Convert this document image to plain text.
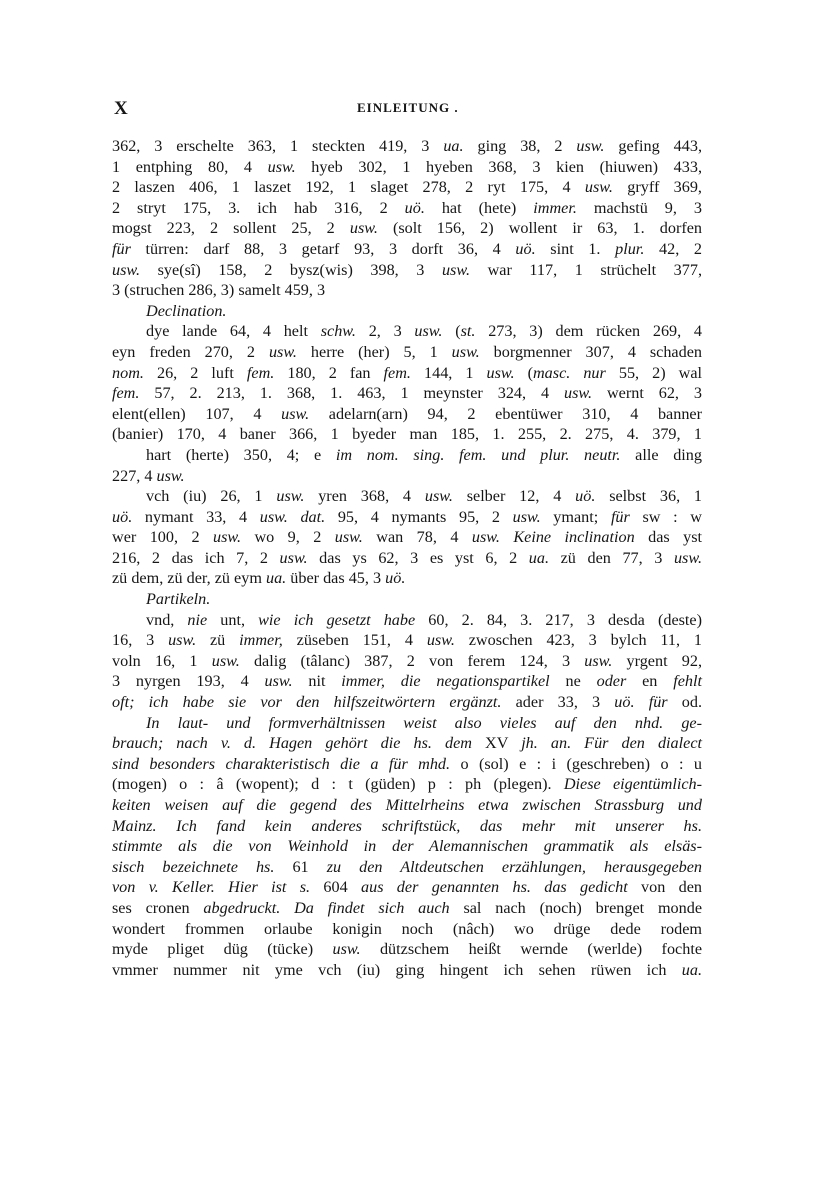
X	EINLEITUNG .
362, 3 erschelte 363, 1 steckten 419, 3 ua. ging 38, 2 usw. gefing 443,
1 entphing 80, 4 usw. hyeb 302, 1 hyeben 368, 3 kien (hiuwen) 433,
2 laszen 406, 1 laszet 192, 1 slaget 278, 2 ryt 175, 4 usw. gryff 369,
2 stryt 175, 3. ich hab 316, 2 uö. hat (hete) immer. machstü 9, 3
mogst 223, 2 sollent 25, 2 usw. (solt 156, 2) wollent ir 63, 1. dorfen
für türren: darf 88, 3 getarf 93, 3 dorft 36, 4 uö. sint 1. plur. 42, 2
usw. sye(sî) 158, 2 bysz(wis) 398, 3 usw. war 117, 1 strüchelt 377,
3 (struchen 286, 3) samelt 459, 3
Declination.
dye lande 64, 4 helt schw. 2, 3 usw. (st. 273, 3) dem rücken 269, 4
eyn freden 270, 2 usw. herre (her) 5, 1 usw. borgmenner 307, 4 schaden
nom. 26, 2 luft fem. 180, 2 fan fem. 144, 1 usw. (masc. nur 55, 2) wal
fem. 57, 2. 213, 1. 368, 1. 463, 1 meynster 324, 4 usw. wernt 62, 3
elent(ellen) 107, 4 usw. adelarn(arn) 94, 2 ebentüwer 310, 4 banner
(banier) 170, 4 baner 366, 1 byeder man 185, 1. 255, 2. 275, 4. 379, 1
hart (herte) 350, 4; e im nom. sing. fem. und plur. neutr. alle ding
227, 4 usw.
vch (iu) 26, 1 usw. yren 368, 4 usw. selber 12, 4 uö. selbst 36, 1
uö. nymant 33, 4 usw. dat. 95, 4 nymants 95, 2 usw. ymant; für sw : w
wer 100, 2 usw. wo 9, 2 usw. wan 78, 4 usw. Keine inclination das yst
216, 2 das ich 7, 2 usw. das ys 62, 3 es yst 6, 2 ua. zü den 77, 3 usw.
zü dem, zü der, zü eym ua. über das 45, 3 uö.
Partikeln.
vnd, nie unt, wie ich gesetzt habe 60, 2. 84, 3. 217, 3 desda (deste)
16, 3 usw. zü immer, züseben 151, 4 usw. zwoschen 423, 3 bylch 11, 1
voln 16, 1 usw. dalig (tâlanc) 387, 2 von ferem 124, 3 usw. yrgent 92,
3 nyrgen 193, 4 usw. nit immer, die negationspartikel ne oder en fehlt
oft; ich habe sie vor den hilfszeitwörtern ergänzt. ader 33, 3 uö. für od.
In laut- und formverhältnissen weist also vieles auf den nhd. ge-
brauch; nach v. d. Hagen gehört die hs. dem XV jh. an. Für den dialect
sind besonders charakteristisch die a für mhd. o (sol) e : i (geschreben) o : u
(mogen) o : â (wopent); d : t (güden) p : ph (plegen). Diese eigentümlich-
keiten weisen auf die gegend des Mittelrheins etwa zwischen Strassburg und
Mainz. Ich fand kein anderes schriftstück, das mehr mit unserer hs.
stimmte als die von Weinhold in der Alemannischen grammatik als elsäs-
sisch bezeichnete hs. 61 zu den Altdeutschen erzählungen, herausgegeben
von v. Keller. Hier ist s. 604 aus der genannten hs. das gedicht von den
ses cronen abgedruckt. Da findet sich auch sal nach (noch) brenget monde
wondert frommen orlaube konigin noch (nâch) wo drüge dede rodem
myde pliget düg (tücke) usw. dützschem heißt wernde (werlde) fochte
vmmer nummer nit yme vch (iu) ging hingent ich sehen rüwen ich ua.
